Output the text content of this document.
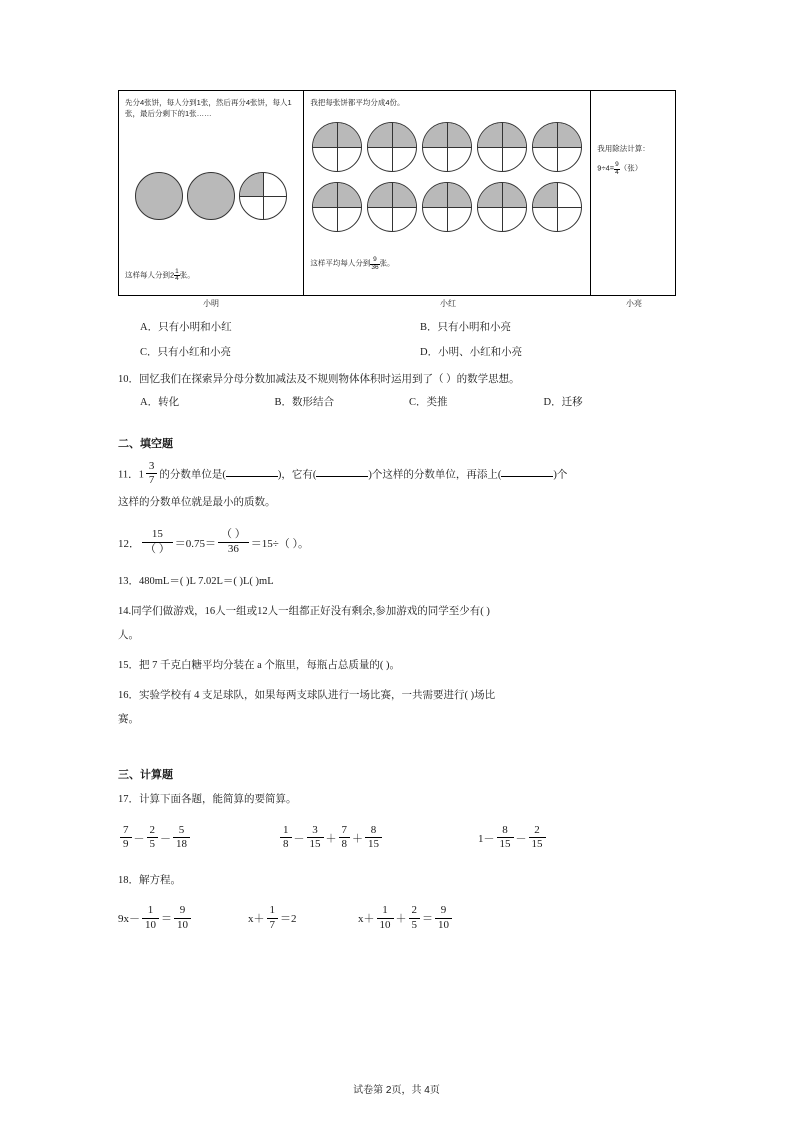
先分4张饼，每人分到1张，然后再分4张饼，每人1张，最后分剩下的1张……
这样每人分到$2 \frac{1}{4}$ 张。
我把每张饼都平均分成4份。
这样平均每人分到 $\frac{9}{36}$ 张。
我用除法计算：
$9\div 4= \frac{9}{4}$ （张）
小明	小红	小亮
A．只有小明和小红	B．只有小明和小亮
C．只有小红和小亮	D．小明、小红和小亮
10．回忆我们在探索异分母分数加减法及不规则物体体积时运用到了（ ）的数学思想。
A．转化	B．数形结合	C．类推	D．迁移
二、填空题
11．$1 \frac{3}{7}$ 的分数单位是(	)，它有(	)个这样的分数单位，再添上(	)个
这样的分数单位就是最小的质数。
12． $\frac{15}{( )} =0.75= \frac{( )}{36} =15\div$（ ）。
13．480mL＝( )L 7.02L＝( )L( )mL
14.同学们做游戏，16人一组或12人一组都正好没有剩余,参加游戏的同学至少有( )
人。
15．把 7 千克白糖平均分装在 a 个瓶里，每瓶占总质量的( )。
16．实验学校有 4 支足球队，如果每两支球队进行一场比赛，一共需要进行( )场比
赛。
三、计算题
17．计算下面各题，能简算的要简算。
$\frac{7}{9} - \frac{2}{5} - \frac{5}{18}$	$\frac{1}{8} - \frac{3}{15} + \frac{7}{8} + \frac{8}{15}$	$1- \frac{8}{15} - \frac{2}{15}$
18．解方程。
$9x- \frac{1}{10} = \frac{9}{10}$	$x+ \frac{1}{7} =2$	$x+ \frac{1}{10} + \frac{2}{5} = \frac{9}{10}$
试卷第 2页，共 4页
